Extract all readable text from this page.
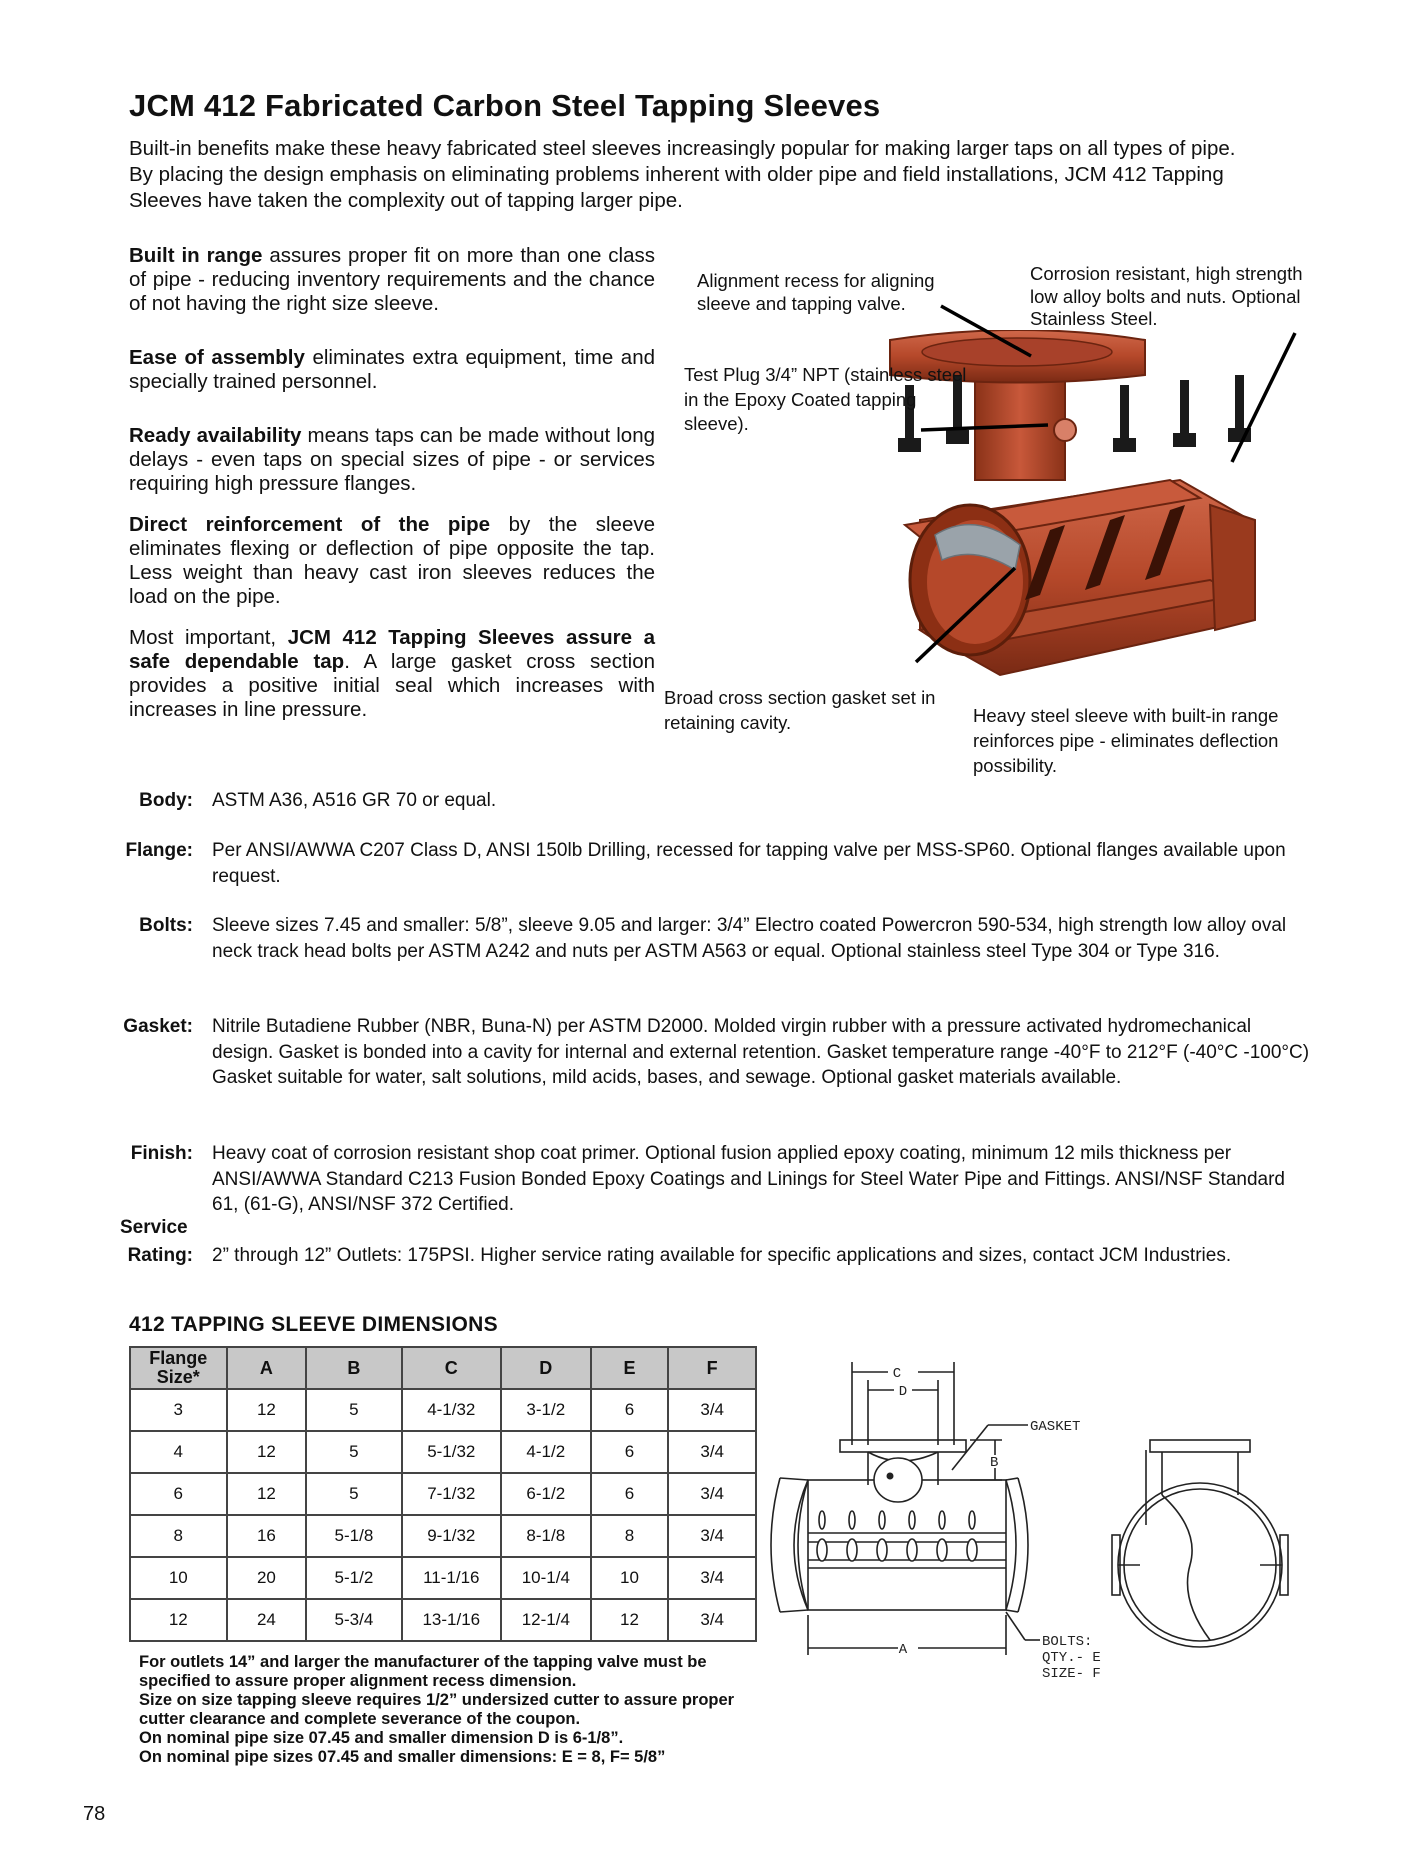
JCM 412 Fabricated Carbon Steel Tapping Sleeves

Built-in benefits make these heavy fabricated steel sleeves increasingly popular for making larger taps on all types of pipe. By placing the design emphasis on eliminating problems inherent with older pipe and field installations, JCM 412 Tapping Sleeves have taken the complexity out of tapping larger pipe.

Built in range assures proper fit on more than one class of pipe - reducing inventory requirements and the chance of not having the right size sleeve.

Ease of assembly eliminates extra equipment, time and specially trained personnel.

Ready availability means taps can be made without long delays - even taps on special sizes of pipe - or services requiring high pressure flanges.

Direct reinforcement of the pipe by the sleeve eliminates flexing or deflection of pipe opposite the tap. Less weight than heavy cast iron sleeves reduces the load on the pipe.

Most important, JCM 412 Tapping Sleeves assure a safe dependable tap. A large gasket cross section provides a positive initial seal which increases with increases in line pressure.

Alignment recess for aligning sleeve and tapping valve.

Corrosion resistant, high strength low alloy bolts and nuts. Optional Stainless Steel.

Test Plug 3/4” NPT (stainless steel in the Epoxy Coated tapping sleeve).

Broad cross section gasket set in retaining cavity.	Heavy steel sleeve with built-in range reinforces pipe - eliminates deflection possibility.

Body: ASTM A36, A516 GR 70 or equal.

Flange: Per ANSI/AWWA C207 Class D, ANSI 150lb Drilling, recessed for tapping valve per MSS-SP60. Optional flanges available upon request.

Bolts: Sleeve sizes 7.45 and smaller: 5/8”, sleeve 9.05 and larger: 3/4” Electro coated Powercron 590-534, high strength low alloy oval neck track head bolts per ASTM A242 and nuts per ASTM A563 or equal. Optional stainless steel Type 304 or Type 316.

Gasket: Nitrile Butadiene Rubber (NBR, Buna-N) per ASTM D2000. Molded virgin rubber with a pressure activated hydromechanical design. Gasket is bonded into a cavity for internal and external retention. Gasket temperature range -40°F to 212°F (-40°C -100°C) Gasket suitable for water, salt solutions, mild acids, bases, and sewage. Optional gasket materials available.

Finish: Heavy coat of corrosion resistant shop coat primer. Optional fusion applied epoxy coating, minimum 12 mils thickness per ANSI/AWWA Standard C213 Fusion Bonded Epoxy Coatings and Linings for Steel Water Pipe and Fittings. ANSI/NSF Standard 61, (61-G), ANSI/NSF 372 Certified.

Service
Rating: 2” through 12” Outlets: 175PSI. Higher service rating available for specific applications and sizes, contact JCM Industries.

412 TAPPING SLEEVE DIMENSIONS
Flange Size*	A	B	C	D	E	F
3	12	5	4-1/32	3-1/2	6	3/4
4	12	5	5-1/32	4-1/2	6	3/4
6	12	5	7-1/32	6-1/2	6	3/4
8	16	5-1/8	9-1/32	8-1/8	8	3/4
10	20	5-1/2	11-1/16	10-1/4	10	3/4
12	24	5-3/4	13-1/16	12-1/4	12	3/4
For outlets 14” and larger the manufacturer of the tapping valve must be specified to assure proper alignment recess dimension.
Size on size tapping sleeve requires 1/2” undersized cutter to assure proper cutter clearance and complete severance of the coupon.
On nominal pipe size 07.45 and smaller dimension D is 6-1/8”.
On nominal pipe sizes 07.45 and smaller dimensions: E = 8, F= 5/8”
C
D
GASKET
B
A	BOLTS:
QTY.- E
SIZE- F
78
